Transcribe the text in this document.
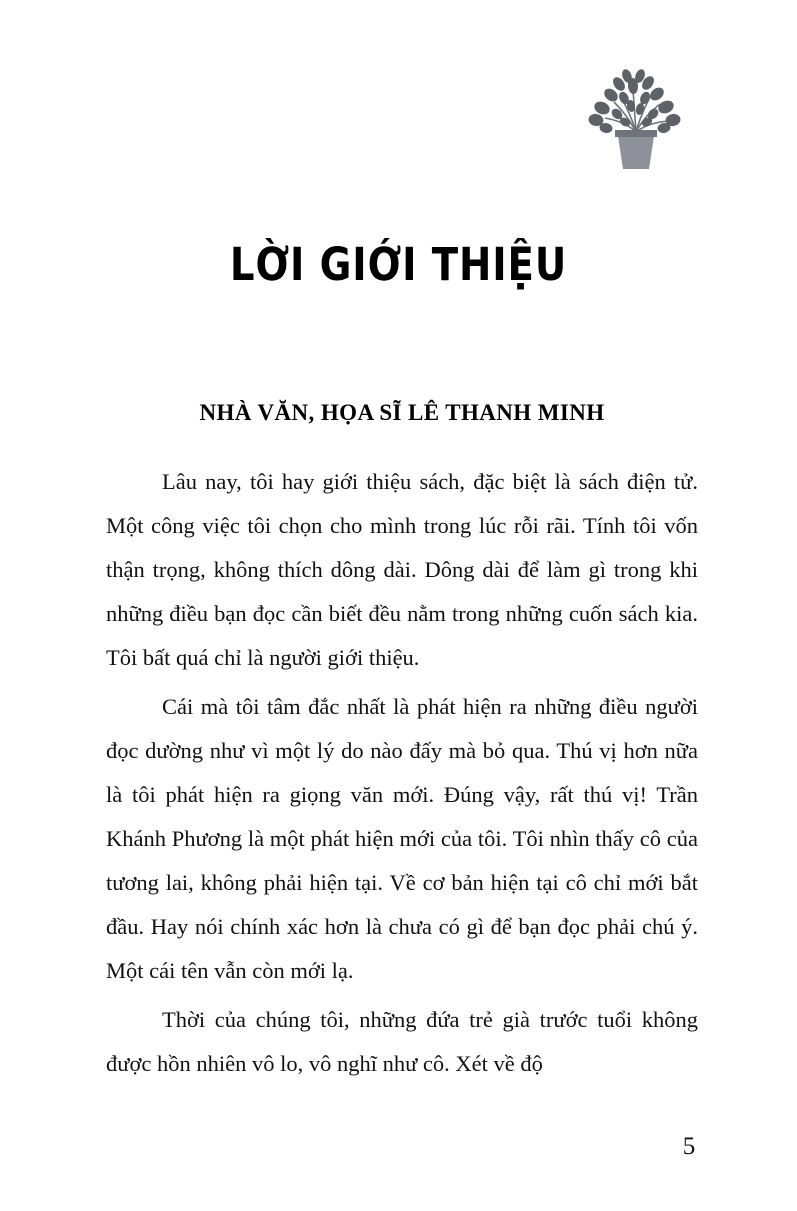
LỜI GIỚI THIỆU
NHÀ VĂN, HỌA SĨ LÊ THANH MINH

Lâu nay, tôi hay giới thiệu sách, đặc biệt là sách điện tử. Một công việc tôi chọn cho mình trong lúc rỗi rãi. Tính tôi vốn thận trọng, không thích dông dài. Dông dài để làm gì trong khi những điều bạn đọc cần biết đều nằm trong những cuốn sách kia. Tôi bất quá chỉ là người giới thiệu.

Cái mà tôi tâm đắc nhất là phát hiện ra những điều người đọc dường như vì một lý do nào đấy mà bỏ qua. Thú vị hơn nữa là tôi phát hiện ra giọng văn mới. Đúng vậy, rất thú vị! Trần Khánh Phương là một phát hiện mới của tôi. Tôi nhìn thấy cô của tương lai, không phải hiện tại. Về cơ bản hiện tại cô chỉ mới bắt đầu. Hay nói chính xác hơn là chưa có gì để bạn đọc phải chú ý. Một cái tên vẫn còn mới lạ.

Thời của chúng tôi, những đứa trẻ già trước tuổi không được hồn nhiên vô lo, vô nghĩ như cô. Xét về độ

5
